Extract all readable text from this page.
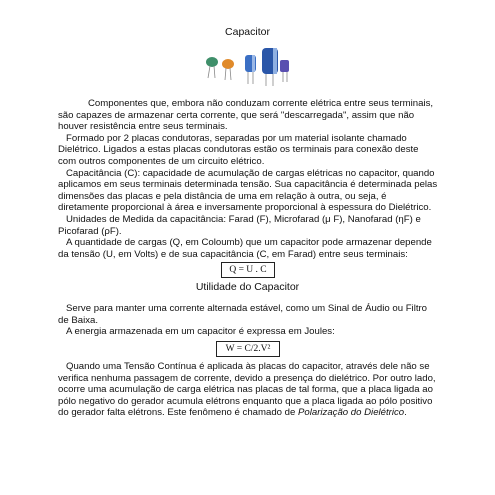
Capacitor

Componentes que, embora não conduzam corrente elétrica entre seus terminais, são capazes de armazenar certa corrente, que será "descarregada", assim que não houver resistência entre seus terminais.

Formado por 2 placas condutoras, separadas por um material isolante chamado Dielétrico. Ligados a estas placas condutoras estão os terminais para conexão deste com outros componentes de um circuito elétrico.

Capacitância (C): capacidade de acumulação de cargas elétricas no capacitor, quando aplicamos em seus terminais determinada tensão. Sua capacitância é determinada pelas dimensões das placas e pela distância de uma em relação à outra, ou seja, é diretamente proporcional à área e inversamente proporcional à espessura do Dielétrico.

Unidades de Medida da capacitância: Farad (F), Microfarad (μ F), Nanofarad (ηF) e Picofarad (ρF).

A quantidade de cargas (Q, em Coloumb) que um capacitor pode armazenar depende da tensão (U, em Volts) e de sua capacitância (C, em Farad) entre seus terminais:

Q = U . C
Utilidade do Capacitor

Serve para manter uma corrente alternada estável, como um Sinal de Áudio ou Filtro de Baixa.

A energia armazenada em um capacitor é expressa em Joules:

W = C/2.V²

Quando uma Tensão Contínua é aplicada às placas do capacitor, através dele não se verifica nenhuma passagem de corrente, devido a presença do dielétrico. Por outro lado, ocorre uma acumulação de carga elétrica nas placas de tal forma, que a placa ligada ao pólo negativo do gerador acumula elétrons enquanto que a placa ligada ao pólo positivo do gerador falta elétrons. Este fenômeno é chamado de Polarização do Dielétrico.
